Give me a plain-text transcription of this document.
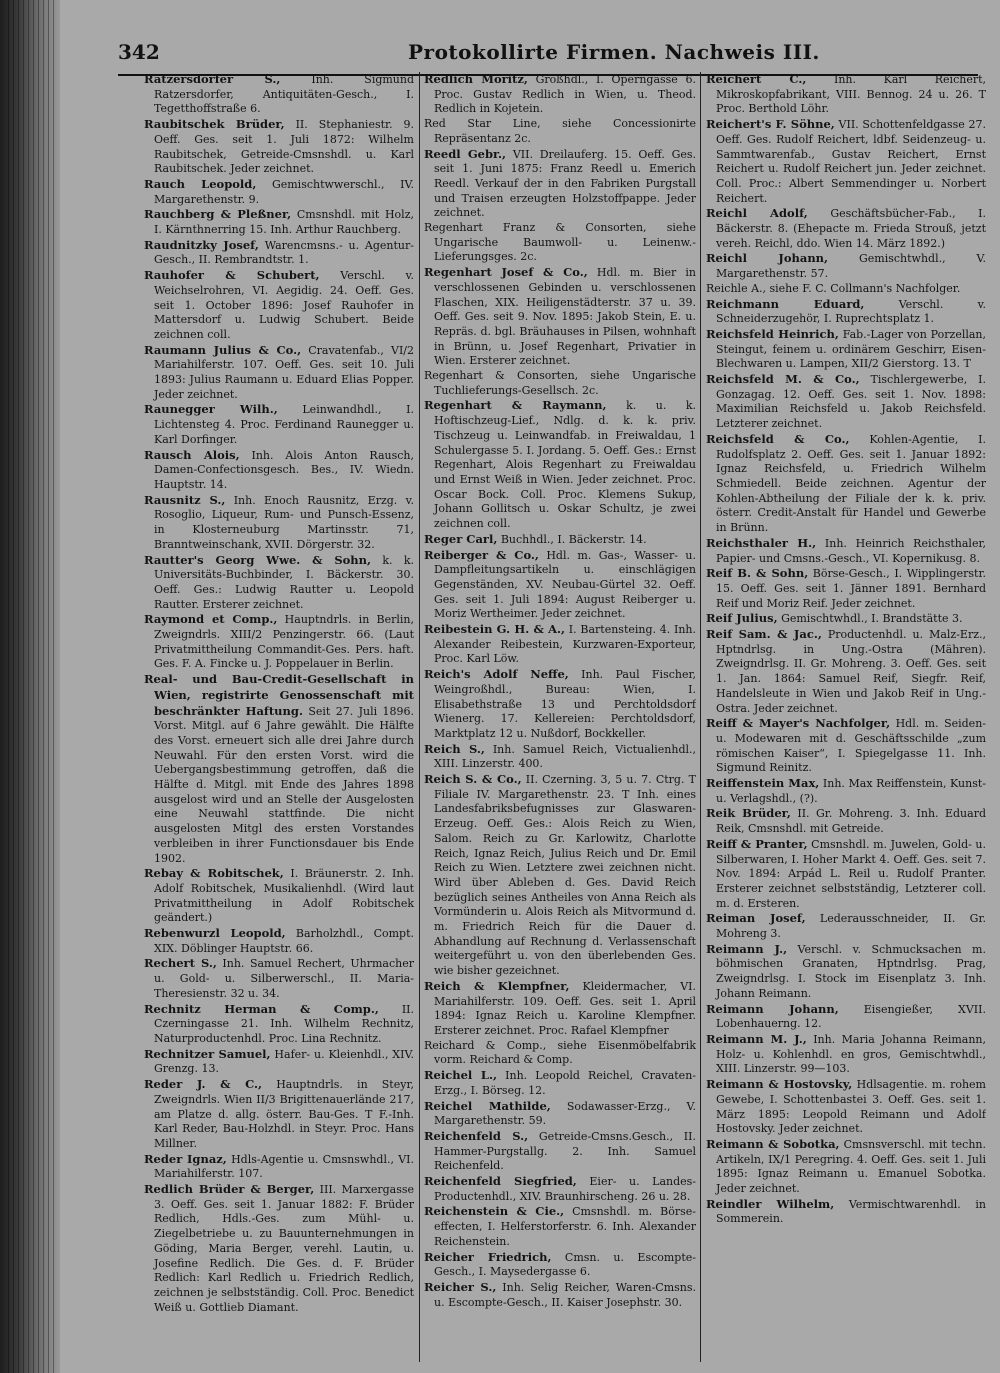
342	Protokollirte Firmen. Nachweis III.

Ratzersdorfer S.,	Inh. Sigmund Ratzersdorfer, Antiquitäten-Gesch., I. Tegetthoffstraße 6.

Raubitschek Brüder, II. Stephaniestr. 9. Oeff. Ges. seit 1. Juli 1872: Wilhelm Raubitschek, Getreide-Cmsnshdl. u. Karl Raubitschek. Jeder zeichnet.

Rauch Leopold, Gemischtwwerschl., IV. Margarethenstr. 9.

Rauchberg & Pleßner, Cmsnshdl. mit Holz, I. Kärnthnerring 15. Inh. Arthur Rauchberg.

Raudnitzky Josef, Warencmsns.- u. Agentur-Gesch., II. Rembrandtstr. 1.

Rauhofer & Schubert, Verschl. v. Weichselrohren, VI. Aegidig. 24. Oeff. Ges. seit 1. October 1896: Josef Rauhofer in Mattersdorf u. Ludwig Schubert. Beide zeichnen coll.

Raumann Julius & Co., Cravatenfab., VI/2 Mariahilferstr. 107. Oeff. Ges. seit 10. Juli 1893: Julius Raumann u. Eduard Elias Popper. Jeder zeichnet.

Raunegger Wilh., Leinwandhdl., I. Lichtensteg 4. Proc. Ferdinand Raunegger u. Karl Dorfinger.

Rausch Alois, Inh. Alois Anton Rausch, Damen-Confectionsgesch. Bes., IV. Wiedn. Hauptstr. 14.

Rausnitz S., Inh. Enoch Rausnitz, Erzg. v. Rosoglio, Liqueur, Rum- und Punsch-Essenz, in Klosterneuburg Martinsstr. 71, Branntweinschank, XVII. Dörgerstr. 32.

Rautter's Georg Wwe. & Sohn, k. k. Universitäts-Buchbinder, I. Bäckerstr. 30. Oeff. Ges.: Ludwig Rautter u. Leopold Rautter. Ersterer zeichnet.

Raymond et Comp., Hauptndrls. in Berlin, Zweigndrls. XIII/2 Penzingerstr. 66. (Laut Privatmittheilung Commandit-Ges. Pers. haft. Ges. F. A. Fincke u. J. Poppelauer in Berlin.

Real- und Bau-Credit-Gesellschaft in Wien, registrirte Genossenschaft mit beschränkter Haftung. Seit 27. Juli 1896. Vorst. Mitgl. auf 6 Jahre gewählt. Die Hälfte des Vorst. erneuert sich alle drei Jahre durch Neuwahl. Für den ersten Vorst. wird die Uebergangsbestimmung getroffen, daß die Hälfte d. Mitgl. mit Ende des Jahres 1898 ausgelost wird und an Stelle der Ausgelosten eine Neuwahl stattfinde. Die nicht ausgelosten Mitgl des ersten Vorstandes verbleiben in ihrer Functionsdauer bis Ende 1902.

Rebay & Robitschek, I. Bräunerstr. 2. Inh. Adolf Robitschek, Musikalienhdl. (Wird laut Privatmittheilung in Adolf Robitschek geändert.)

Rebenwurzl Leopold, Barholzhdl., Compt. XIX. Döblinger Hauptstr. 66.

Rechert S., Inh. Samuel Rechert, Uhrmacher u. Gold- u. Silberwerschl., II. Maria-Theresienstr. 32 u. 34.

Rechnitz Herman & Comp., II. Czerningasse 21. Inh. Wilhelm Rechnitz, Naturproductenhdl. Proc. Lina Rechnitz.

Rechnitzer Samuel, Hafer- u. Kleienhdl., XIV. Grenzg. 13.

Reder J. & C., Hauptndrls. in Steyr, Zweigndrls. Wien II/3 Brigittenauerlände 217, am Platze d. allg. österr. Bau-Ges. T F.-Inh. Karl Reder, Bau-Holzhdl. in Steyr. Proc. Hans Millner.

Reder Ignaz, Hdls-Agentie u. Cmsnswhdl., VI. Mariahilferstr. 107.

Redlich Brüder & Berger, III. Marxergasse 3. Oeff. Ges. seit 1. Januar 1882: F. Brüder Redlich, Hdls.-Ges. zum Mühl- u. Ziegelbetriebe u. zu Bauunternehmungen in Göding, Maria Berger, verehl. Lautin, u. Josefine Redlich. Die Ges. d. F. Brüder Redlich: Karl Redlich u. Friedrich Redlich, zeichnen je selbstständig. Coll. Proc. Benedict Weiß u. Gottlieb Diamant.

Redlich Moritz, Großhdl., I. Operngasse 6. Proc. Gustav Redlich in Wien, u. Theod. Redlich in Kojetein.

Red Star Line, siehe Concessionirte Repräsentanz 2c.

Reedl Gebr., VII. Dreilauferg. 15. Oeff. Ges. seit 1. Juni 1875: Franz Reedl u. Emerich Reedl. Verkauf der in den Fabriken Purgstall und Traisen erzeugten Holzstoffpappe. Jeder zeichnet.

Regenhart Franz & Consorten, siehe Ungarische Baumwoll- u. Leinenw.-Lieferungsges. 2c.

Regenhart Josef & Co., Hdl. m. Bier in verschlossenen Gebinden u. verschlossenen Flaschen, XIX. Heiligenstädterstr. 37 u. 39. Oeff. Ges. seit 9. Nov. 1895: Jakob Stein, E. u. Repräs. d. bgl. Bräuhauses in Pilsen, wohnhaft in Brünn, u. Josef Regenhart, Privatier in Wien. Ersterer zeichnet.

Regenhart & Consorten, siehe Ungarische Tuchlieferungs-Gesellsch. 2c.

Regenhart & Raymann, k. u. k. Hoftischzeug-Lief., Ndlg. d. k. k. priv. Tischzeug u. Leinwandfab. in Freiwaldau, 1 Schulergasse 5. I. Jordang. 5. Oeff. Ges.: Ernst Regenhart, Alois Regenhart zu Freiwaldau und Ernst Weiß in Wien. Jeder zeichnet. Proc. Oscar Bock. Coll. Proc. Klemens Sukup, Johann Gollitsch u. Oskar Schultz, je zwei zeichnen coll.

Reger Carl, Buchhdl., I. Bäckerstr. 14.

Reiberger & Co., Hdl. m. Gas-, Wasser- u. Dampfleitungsartikeln u. einschlägigen Gegenständen, XV. Neubau-Gürtel 32. Oeff. Ges. seit 1. Juli 1894: August Reiberger u. Moriz Wertheimer. Jeder zeichnet.

Reibestein G. H. & A., I. Bartensteing. 4. Inh. Alexander Reibestein, Kurzwaren-Exporteur, Proc. Karl Löw.

Reich's Adolf Neffe, Inh. Paul Fischer, Weingroßhdl., Bureau: Wien, I. Elisabethstraße 13 und Perchtoldsdorf Wienerg. 17. Kellereien: Perchtoldsdorf, Marktplatz 12 u. Nußdorf, Bockkeller.

Reich S., Inh. Samuel Reich, Victualienhdl., XIII. Linzerstr. 400.

Reich S. & Co., II. Czerning. 3, 5 u. 7. Ctrg. T Filiale IV. Margarethenstr. 23. T Inh. eines Landesfabriksbefugnisses zur Glaswaren-Erzeug. Oeff. Ges.: Alois Reich zu Wien, Salom. Reich zu Gr. Karlowitz, Charlotte Reich, Ignaz Reich, Julius Reich und Dr. Emil Reich zu Wien. Letztere zwei zeichnen nicht. Wird über Ableben d. Ges. David Reich bezüglich seines Antheiles von Anna Reich als Vormünderin u. Alois Reich als Mitvormund d. m. Friedrich Reich für die Dauer d. Abhandlung auf Rechnung d. Verlassenschaft weitergeführt u. von den überlebenden Ges. wie bisher gezeichnet.

Reich & Klempfner, Kleidermacher, VI. Mariahilferstr. 109. Oeff. Ges. seit 1. April 1894: Ignaz Reich u. Karoline Klempfner. Ersterer zeichnet. Proc. Rafael Klempfner

Reichard & Comp., siehe Eisenmöbelfabrik vorm. Reichard & Comp.

Reichel L., Inh. Leopold Reichel, Cravaten-Erzg., I. Börseg. 12.

Reichel Mathilde, Sodawasser-Erzg., V. Margarethenstr. 59.

Reichenfeld S., Getreide-Cmsns.Gesch., II. Hammer-Purgstallg. 2. Inh. Samuel Reichenfeld.

Reichenfeld Siegfried, Eier- u. Landes-Productenhdl., XIV. Braunhirscheng. 26 u. 28.

Reichenstein & Cie., Cmsnshdl. m. Börse-effecten, I. Helferstorferstr. 6. Inh. Alexander Reichenstein.

Reicher Friedrich, Cmsn. u. Escompte-Gesch., I. Maysedergasse 6.

Reicher S., Inh. Selig Reicher, Waren-Cmsns. u. Escompte-Gesch., II. Kaiser Josephstr. 30.

Reichert C.,	Inh. Karl Reichert, Mikroskopfabrikant, VIII. Bennog. 24 u. 26. T Proc. Berthold Löhr.

Reichert's F. Söhne, VII. Schottenfeldgasse 27. Oeff. Ges. Rudolf Reichert, ldbf. Seidenzeug- u. Sammtwarenfab., Gustav Reichert, Ernst Reichert u. Rudolf Reichert jun. Jeder zeichnet. Coll. Proc.: Albert Semmendinger u. Norbert Reichert.

Reichl Adolf, Geschäftsbücher-Fab., I. Bäckerstr. 8. (Ehepacte m. Frieda Strouß, jetzt vereh. Reichl, ddo. Wien 14. März 1892.)

Reichl Johann,	Gemischtwhdl., V. Margarethenstr. 57.

Reichle A., siehe F. C. Collmann's Nachfolger.

Reichmann Eduard,	Verschl. v. Schneiderzugehör, I. Ruprechtsplatz 1.

Reichsfeld Heinrich, Fab.-Lager von Porzellan, Steingut, feinem u. ordinärem Geschirr, Eisen- Blechwaren u. Lampen, XII/2 Gierstorg. 13. T

Reichsfeld M. & Co., Tischlergewerbe, I. Gonzagag. 12. Oeff. Ges. seit 1. Nov. 1898: Maximilian Reichsfeld u. Jakob Reichsfeld. Letzterer zeichnet.

Reichsfeld & Co., Kohlen-Agentie, I. Rudolfsplatz 2. Oeff. Ges. seit 1. Januar 1892: Ignaz Reichsfeld, u. Friedrich Wilhelm Schmiedell. Beide zeichnen. Agentur der Kohlen-Abtheilung der Filiale der k. k. priv. österr. Credit-Anstalt für Handel und Gewerbe in Brünn.

Reichsthaler H., Inh. Heinrich Reichsthaler, Papier- und Cmsns.-Gesch., VI. Kopernikusg. 8.

Reif B. & Sohn, Börse-Gesch., I. Wipplingerstr. 15. Oeff. Ges. seit 1. Jänner 1891. Bernhard Reif und Moriz Reif. Jeder zeichnet.

Reif Julius, Gemischtwhdl., I. Brandstätte 3.

Reif Sam. & Jac., Productenhdl. u. Malz-Erz., Hptndrlsg. in Ung.-Ostra (Mähren). Zweigndrlsg. II. Gr. Mohreng. 3. Oeff. Ges. seit 1. Jan. 1864: Samuel Reif, Siegfr. Reif, Handelsleute in Wien und Jakob Reif in Ung.-Ostra. Jeder zeichnet.

Reiff & Mayer's Nachfolger, Hdl. m. Seiden- u. Modewaren mit d. Geschäftsschilde „zum römischen Kaiser“, I. Spiegelgasse 11. Inh. Sigmund Reinitz.

Reiffenstein Max, Inh. Max Reiffenstein, Kunst- u. Verlagshdl., (?).

Reik Brüder, II. Gr. Mohreng. 3. Inh. Eduard Reik, Cmsnshdl. mit Getreide.

Reiff & Pranter, Cmsnshdl. m. Juwelen, Gold- u. Silberwaren, I. Hoher Markt 4. Oeff. Ges. seit 7. Nov. 1894: Arpád L. Reil u. Rudolf Pranter. Ersterer zeichnet selbstständig, Letzterer coll. m. d. Ersteren.

Reiman Josef, Lederausschneider, II. Gr. Mohreng 3.

Reimann J., Verschl. v. Schmucksachen m. böhmischen Granaten, Hptndrlsg. Prag, Zweigndrlsg. I. Stock im Eisenplatz 3. Inh. Johann Reimann.

Reimann Johann, Eisengießer, XVII. Lobenhauerng. 12.

Reimann M. J., Inh. Maria Johanna Reimann, Holz- u. Kohlenhdl. en gros, Gemischtwhdl., XIII. Linzerstr. 99—103.

Reimann & Hostovsky, Hdlsagentie. m. rohem Gewebe, I. Schottenbastei 3. Oeff. Ges. seit 1. März 1895: Leopold Reimann und Adolf Hostovsky. Jeder zeichnet.

Reimann & Sobotka, Cmsnsverschl. mit techn. Artikeln, IX/1 Peregring. 4. Oeff. Ges. seit 1. Juli 1895: Ignaz Reimann u. Emanuel Sobotka. Jeder zeichnet.

Reindler Wilhelm, Vermischtwarenhdl. in Sommerein.
